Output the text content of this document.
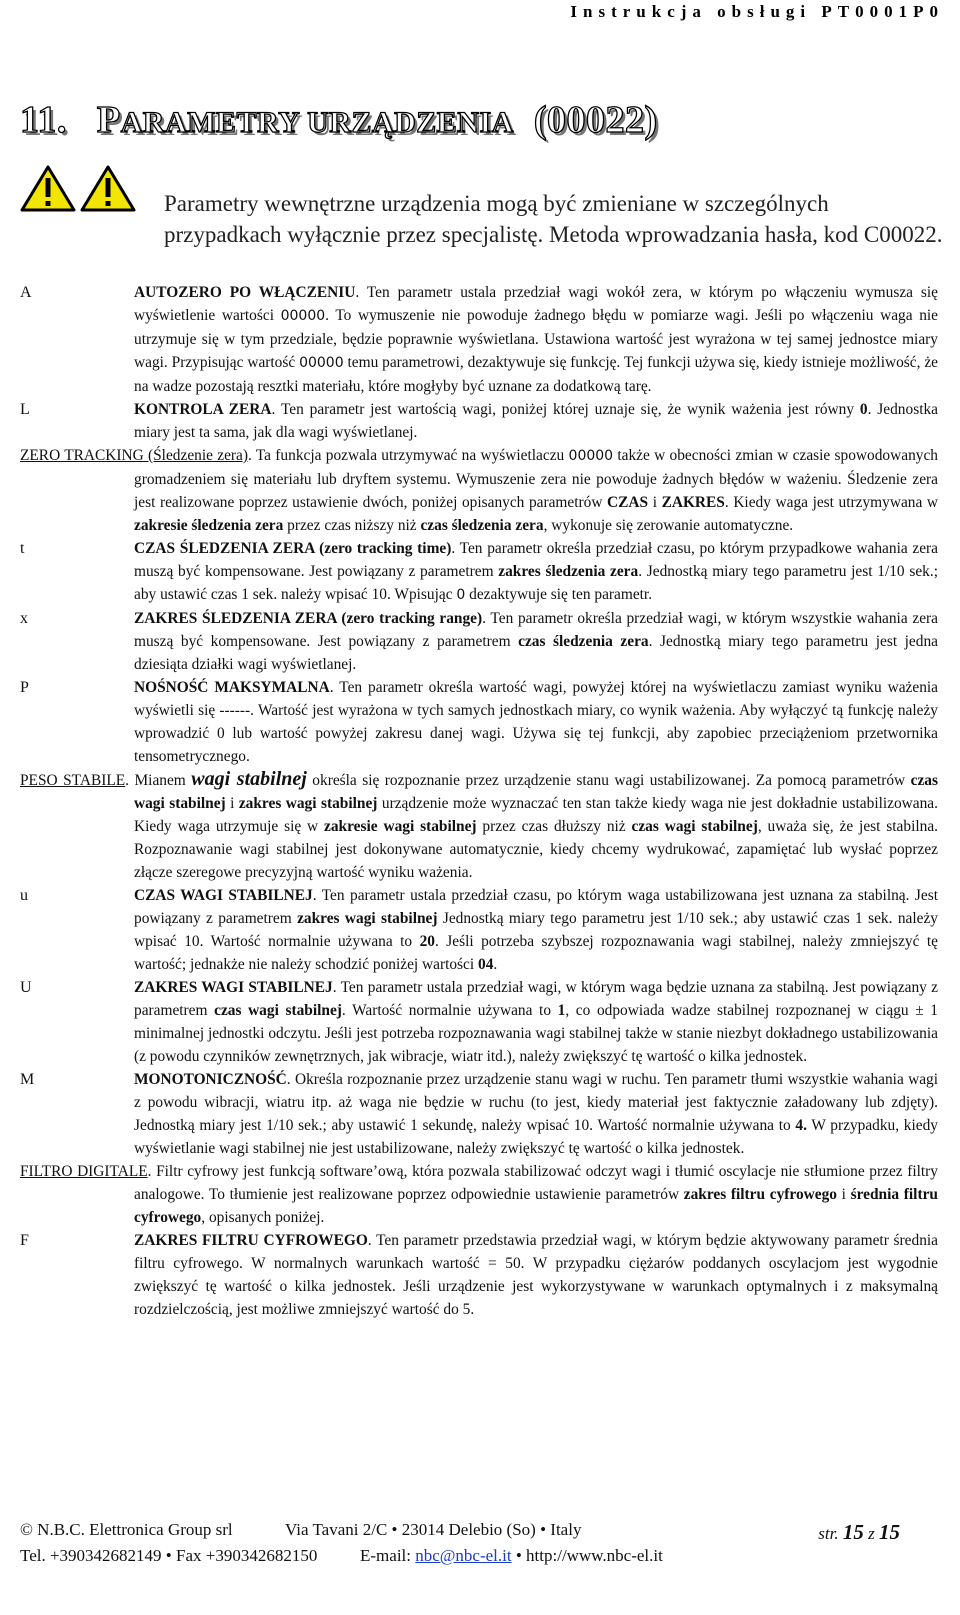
Instrukcja obsługi PT0001P0
11. PARAMETRY URZĄDZENIA (00022)
Parametry wewnętrzne urządzenia mogą być zmieniane w szczególnych przypadkach wyłącznie przez specjalistę. Metoda wprowadzania hasła, kod C00022.
A	AUTOZERO PO WŁĄCZENIU. Ten parametr ustala przedział wagi wokół zera, w którym po włączeniu wymusza się wyświetlenie wartości 00000. To wymuszenie nie powoduje żadnego błędu w pomiarze wagi. Jeśli po włączeniu waga nie utrzymuje się w tym przedziale, będzie poprawnie wyświetlana. Ustawiona wartość jest wyrażona w tej samej jednostce miary wagi. Przypisując wartość 00000 temu parametrowi, dezaktywuje się funkcję. Tej funkcji używa się, kiedy istnieje możliwość, że na wadze pozostają resztki materiału, które mogłyby być uznane za dodatkową tarę.
L	KONTROLA ZERA. Ten parametr jest wartością wagi, poniżej której uznaje się, że wynik ważenia jest równy 0. Jednostka miary jest ta sama, jak dla wagi wyświetlanej.
ZERO TRACKING (Śledzenie zera). Ta funkcja pozwala utrzymywać na wyświetlaczu 00000 także w obecności zmian w czasie spowodowanych gromadzeniem się materiału lub dryftem systemu. Wymuszenie zera nie powoduje żadnych błędów w ważeniu. Śledzenie zera jest realizowane poprzez ustawienie dwóch, poniżej opisanych parametrów CZAS i ZAKRES. Kiedy waga jest utrzymywana w zakresie śledzenia zera przez czas niższy niż czas śledzenia zera, wykonuje się zerowanie automatyczne.
t	CZAS ŚLEDZENIA ZERA (zero tracking time). Ten parametr określa przedział czasu, po którym przypadkowe wahania zera muszą być kompensowane. Jest powiązany z parametrem zakres śledzenia zera. Jednostką miary tego parametru jest 1/10 sek.; aby ustawić czas 1 sek. należy wpisać 10. Wpisując 0 dezaktywuje się ten parametr.
x	ZAKRES ŚLEDZENIA ZERA (zero tracking range). Ten parametr określa przedział wagi, w którym wszystkie wahania zera muszą być kompensowane. Jest powiązany z parametrem czas śledzenia zera. Jednostką miary tego parametru jest jedna dziesiąta działki wagi wyświetlanej.
P	NOŚNOŚĆ MAKSYMALNA. Ten parametr określa wartość wagi, powyżej której na wyświetlaczu zamiast wyniku ważenia wyświetli się ------. Wartość jest wyrażona w tych samych jednostkach miary, co wynik ważenia. Aby wyłączyć tą funkcję należy wprowadzić 0 lub wartość powyżej zakresu danej wagi. Używa się tej funkcji, aby zapobiec przeciążeniom przetwornika tensometrycznego.
PESO STABILE. Mianem wagi stabilnej określa się rozpoznanie przez urządzenie stanu wagi ustabilizowanej. Za pomocą parametrów czas wagi stabilnej i zakres wagi stabilnej urządzenie może wyznaczać ten stan także kiedy waga nie jest dokładnie ustabilizowana. Kiedy waga utrzymuje się w zakresie wagi stabilnej przez czas dłuższy niż czas wagi stabilnej, uważa się, że jest stabilna. Rozpoznawanie wagi stabilnej jest dokonywane automatycznie, kiedy chcemy wydrukować, zapamiętać lub wysłać poprzez złącze szeregowe precyzyjną wartość wyniku ważenia.
u	CZAS WAGI STABILNEJ. Ten parametr ustala przedział czasu, po którym waga ustabilizowana jest uznana za stabilną. Jest powiązany z parametrem zakres wagi stabilnej Jednostką miary tego parametru jest 1/10 sek.; aby ustawić czas 1 sek. należy wpisać 10. Wartość normalnie używana to 20. Jeśli potrzeba szybszej rozpoznawania wagi stabilnej, należy zmniejszyć tę wartość; jednakże nie należy schodzić poniżej wartości 04.
U	ZAKRES WAGI STABILNEJ. Ten parametr ustala przedział wagi, w którym waga będzie uznana za stabilną. Jest powiązany z parametrem czas wagi stabilnej. Wartość normalnie używana to 1, co odpowiada wadze stabilnej rozpoznanej w ciągu ± 1 minimalnej jednostki odczytu. Jeśli jest potrzeba rozpoznawania wagi stabilnej także w stanie niezbyt dokładnego ustabilizowania (z powodu czynników zewnętrznych, jak wibracje, wiatr itd.), należy zwiększyć tę wartość o kilka jednostek.
M	MONOTONICZNOŚĆ. Określa rozpoznanie przez urządzenie stanu wagi w ruchu. Ten parametr tłumi wszystkie wahania wagi z powodu wibracji, wiatru itp. aż waga nie będzie w ruchu (to jest, kiedy materiał jest faktycznie załadowany lub zdjęty). Jednostką miary jest 1/10 sek.; aby ustawić 1 sekundę, należy wpisać 10. Wartość normalnie używana to 4. W przypadku, kiedy wyświetlanie wagi stabilnej nie jest ustabilizowane, należy zwiększyć tę wartość o kilka jednostek.
FILTRO DIGITALE. Filtr cyfrowy jest funkcją software’ową, która pozwala stabilizować odczyt wagi i tłumić oscylacje nie stłumione przez filtry analogowe. To tłumienie jest realizowane poprzez odpowiednie ustawienie parametrów zakres filtru cyfrowego i średnia filtru cyfrowego, opisanych poniżej.
F	ZAKRES FILTRU CYFROWEGO. Ten parametr przedstawia przedział wagi, w którym będzie aktywowany parametr średnia filtru cyfrowego. W normalnych warunkach wartość = 50. W przypadku ciężarów poddanych oscylacjom jest wygodnie zwiększyć tę wartość o kilka jednostek. Jeśli urządzenie jest wykorzystywane w warunkach optymalnych i z maksymalną rozdzielczością, jest możliwe zmniejszyć wartość do 5.
© N.B.C. Elettronica Group srl	Via Tavani 2/C • 23014 Delebio (So) • Italy	str. 15 z 15
Tel. +390342682149 • Fax +390342682150	E-mail: nbc@nbc-el.it • http://www.nbc-el.it
